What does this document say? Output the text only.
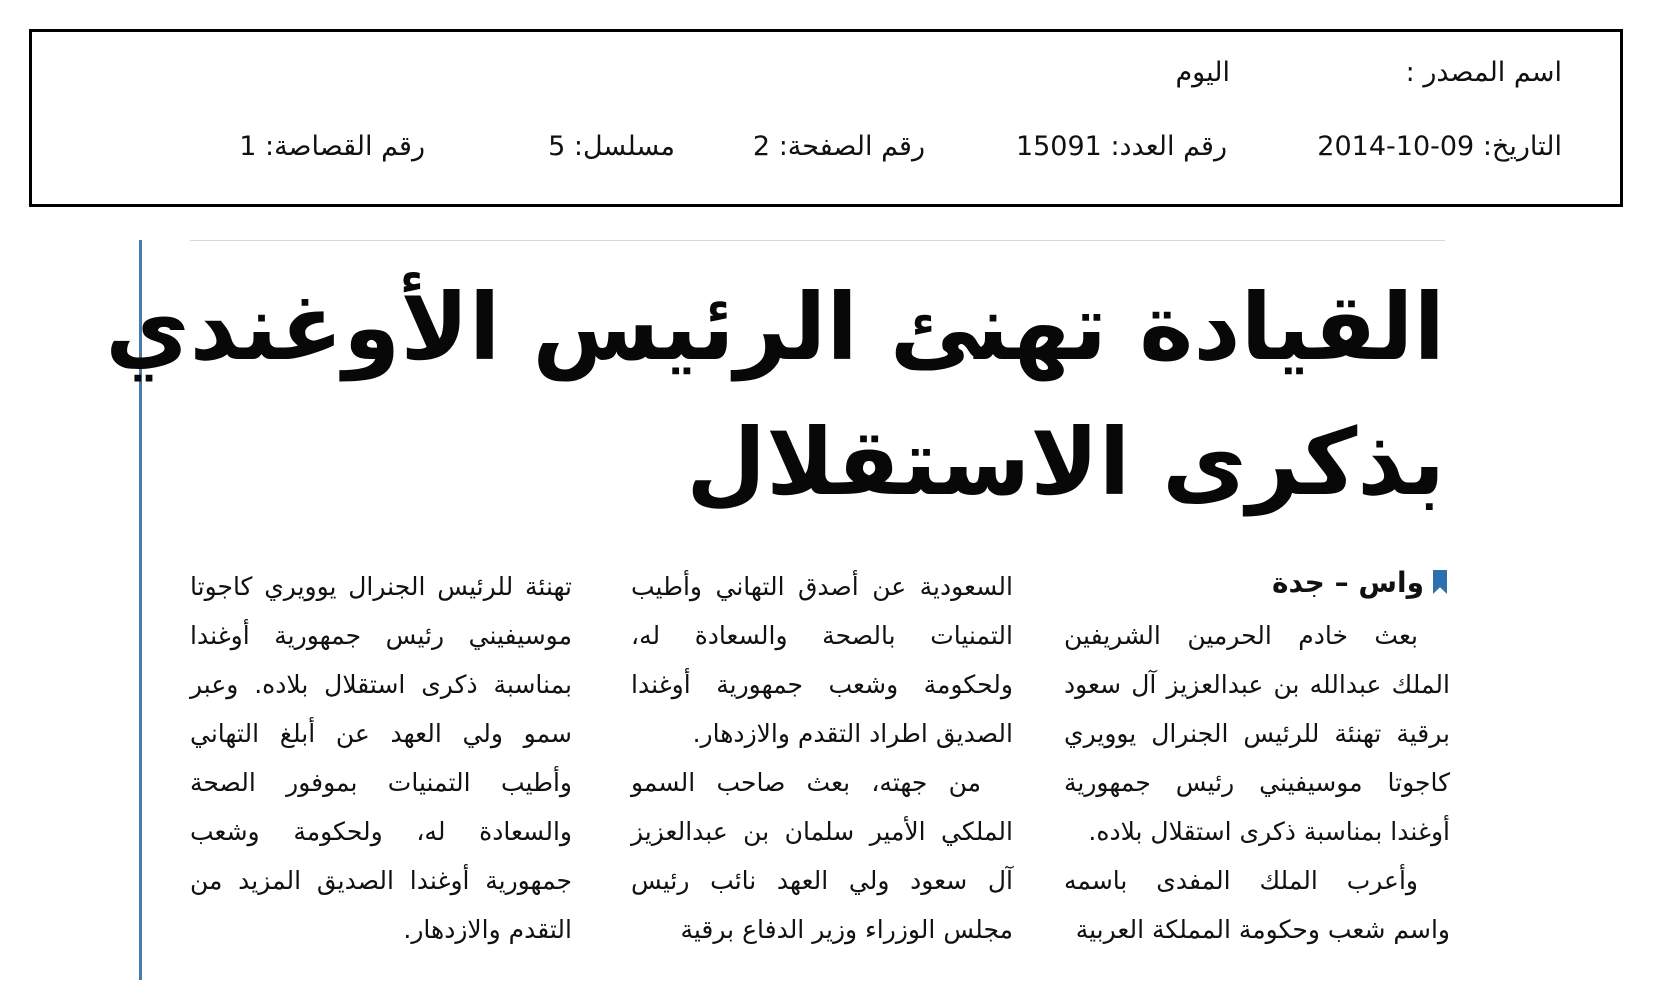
اسم المصدر :
اليوم
التاريخ: 09-10-2014
رقم العدد: 15091
رقم الصفحة: 2
مسلسل: 5
رقم القصاصة: 1
القيادة تهنئ الرئيس الأوغندي
بذكرى الاستقلال
واس – جدة

بعث خادم الحرمين الشريفين الملك عبدالله بن عبدالعزيز آل سعود برقية تهنئة للرئيس الجنرال يوويري كاجوتا موسيفيني رئيس جمهورية أوغندا بمناسبة ذكرى استقلال بلاده.

وأعرب الملك المفدى باسمه واسم شعب وحكومة المملكة العربية

السعودية عن أصدق التهاني وأطيب التمنيات بالصحة والسعادة له، ولحكومة وشعب جمهورية أوغندا الصديق اطراد التقدم والازدهار.

من جهته، بعث صاحب السمو الملكي الأمير سلمان بن عبدالعزيز آل سعود ولي العهد نائب رئيس مجلس الوزراء وزير الدفاع برقية

تهنئة للرئيس الجنرال يوويري كاجوتا موسيفيني رئيس جمهورية أوغندا بمناسبة ذكرى استقلال بلاده. وعبر سمو ولي العهد عن أبلغ التهاني وأطيب التمنيات بموفور الصحة والسعادة له، ولحكومة وشعب جمهورية أوغندا الصديق المزيد من التقدم والازدهار.
